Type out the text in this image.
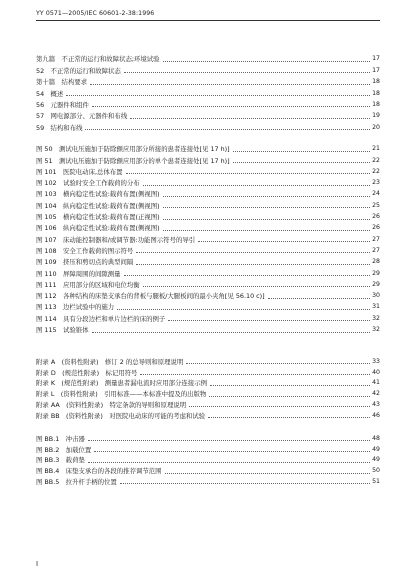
YY 0571—2005/IEC 60601-2-38:1996
第九篇　不正常的运行和故障状态;环境试验	17
52　不正常的运行和故障状态	17
第十篇　结构要求	18
54　概述	18
56　元器件和组件	18
57　网电源部分、元器件和布线	19
59　结构和布线	20
图 50　测试电压施加于防除颤应用部分所接的患者连接处[见 17 h)]	21
图 51　测试电压施加于防除颤应用部分的单个患者连接处[见 17 h)]	22
图 101　医院电动床,总体布置	22
图 102　试验时安全工作载荷的分布	23
图 103　横向稳定性试验:载荷布置(侧视图)	24
图 104　纵向稳定性试验:载荷布置(侧视图)	25
图 105　横向稳定性试验:载荷布置(正视图)	26
图 106　纵向稳定性试验:载荷布置(侧视图)	26
图 107　床动能控制器和/或调节器:功能图示符号的导引	27
图 108　安全工作载荷的图示符号	27
图 109　挤压和剪切点的典型间隔	28
图 110　屏障周围的间隙测量	29
图 111　应用部分的区域和电位均衡	29
图 112　各种结构的床垫支承台的背板与腿板/大腿板间的最小夹角[见 56.10 c)]	30
图 113　边栏试验中的施力	31
图 114　具有分段边栏和单片边栏的床的例子	32
图 115　试验锥体	32
附录 A　(资料性附录)　修订 2 的总导则和原理说明	33
附录 D　(规范性附录)　标记用符号	40
附录 K　(规范性附录)　测量患者漏电流时应用部分连接示例	41
附录 L　(资料性附录)　引用标准——本标准中提及的出版物	42
附录 AA　(资料性附录)　特定条款的导则和原理说明	43
附录 BB　(资料性附录)　对医院电动床的可能的考虑和试验	46
图 BB.1　冲击器	48
图 BB.2　加载位置	49
图 BB.3　载荷垫	49
图 BB.4　床垫支承台的各段的推荐调节范围	50
图 BB.5　拉升杆手柄的位置	51
Ⅰ
